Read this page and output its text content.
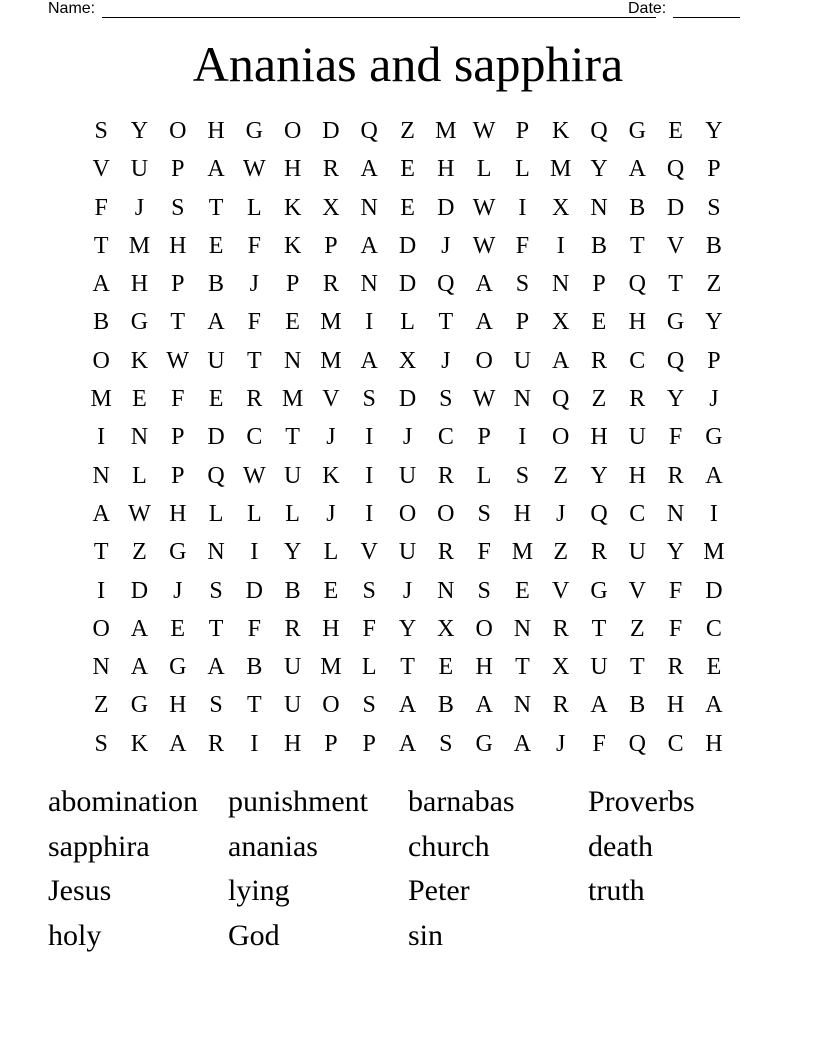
Name:	Date:
Ananias and sapphira
S Y O H G O D Q Z M W P K Q G E Y
V U P A W H R A E H L L M Y A Q P
F	J	S	T L K X N E D W I	X N B D S
T M H E	F K P A D	J W F	I	B T V B
A H P B	J	P R N D Q A S N P Q T Z
B G T A F	E M I	L T A P X E H G Y
O K W U T N M A X	J	O U A R C Q P
M E	F	E R M V S D S W N Q Z R Y	J
I	N P D C T	J	I	J	C P	I	O H U F G
N L	P Q W U K	I	U R L	S	Z Y H R A
A W H L L L	J	I	O O S H	J	Q C N	I
T Z G N	I	Y L V U R F M Z R U Y M
I	D	J	S D B E	S	J	N S	E V G V F D
O A E T	F R H F Y X O N R T Z	F C
N A G A B U M L T E H T X U T R E
Z G H S	T U O S A B A N R A B H A
S K A R	I	H P	P A S G A	J	F Q C H
abomination	punishment	barnabas	Proverbs
sapphira	ananias	church	death
Jesus	lying	Peter	truth
holy	God	sin
